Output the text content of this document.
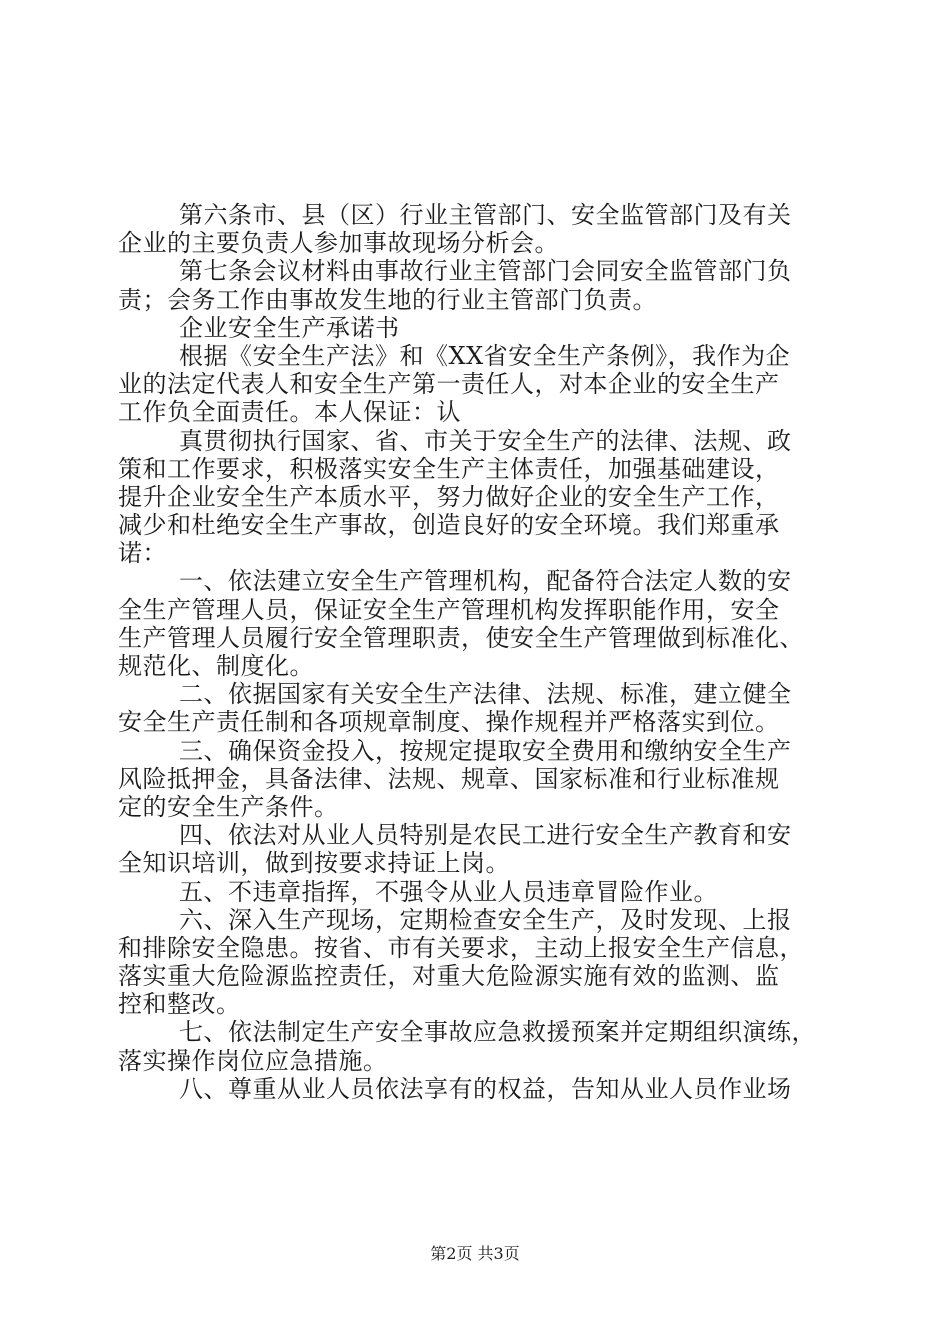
第六条市、县（区）行业主管部门、安全监管部门及有关
企业的主要负责人参加事故现场分析会。
第七条会议材料由事故行业主管部门会同安全监管部门负
责；会务工作由事故发生地的行业主管部门负责。
企业安全生产承诺书
根据《安全生产法》和《XX省安全生产条例》，我作为企
业的法定代表人和安全生产第一责任人，对本企业的安全生产
工作负全面责任。本人保证：认
真贯彻执行国家、省、市关于安全生产的法律、法规、政
策和工作要求，积极落实安全生产主体责任，加强基础建设，
提升企业安全生产本质水平，努力做好企业的安全生产工作，
减少和杜绝安全生产事故，创造良好的安全环境。我们郑重承
诺：
一、依法建立安全生产管理机构，配备符合法定人数的安
全生产管理人员，保证安全生产管理机构发挥职能作用，安全
生产管理人员履行安全管理职责，使安全生产管理做到标准化、
规范化、制度化。
二、依据国家有关安全生产法律、法规、标准，建立健全
安全生产责任制和各项规章制度、操作规程并严格落实到位。
三、确保资金投入，按规定提取安全费用和缴纳安全生产
风险抵押金，具备法律、法规、规章、国家标准和行业标准规
定的安全生产条件。
四、依法对从业人员特别是农民工进行安全生产教育和安
全知识培训，做到按要求持证上岗。
五、不违章指挥，不强令从业人员违章冒险作业。
六、深入生产现场，定期检查安全生产，及时发现、上报
和排除安全隐患。按省、市有关要求，主动上报安全生产信息，
落实重大危险源监控责任，对重大危险源实施有效的监测、监
控和整改。
七、依法制定生产安全事故应急救援预案并定期组织演练，
落实操作岗位应急措施。
八、尊重从业人员依法享有的权益，告知从业人员作业场
第2页 共3页
